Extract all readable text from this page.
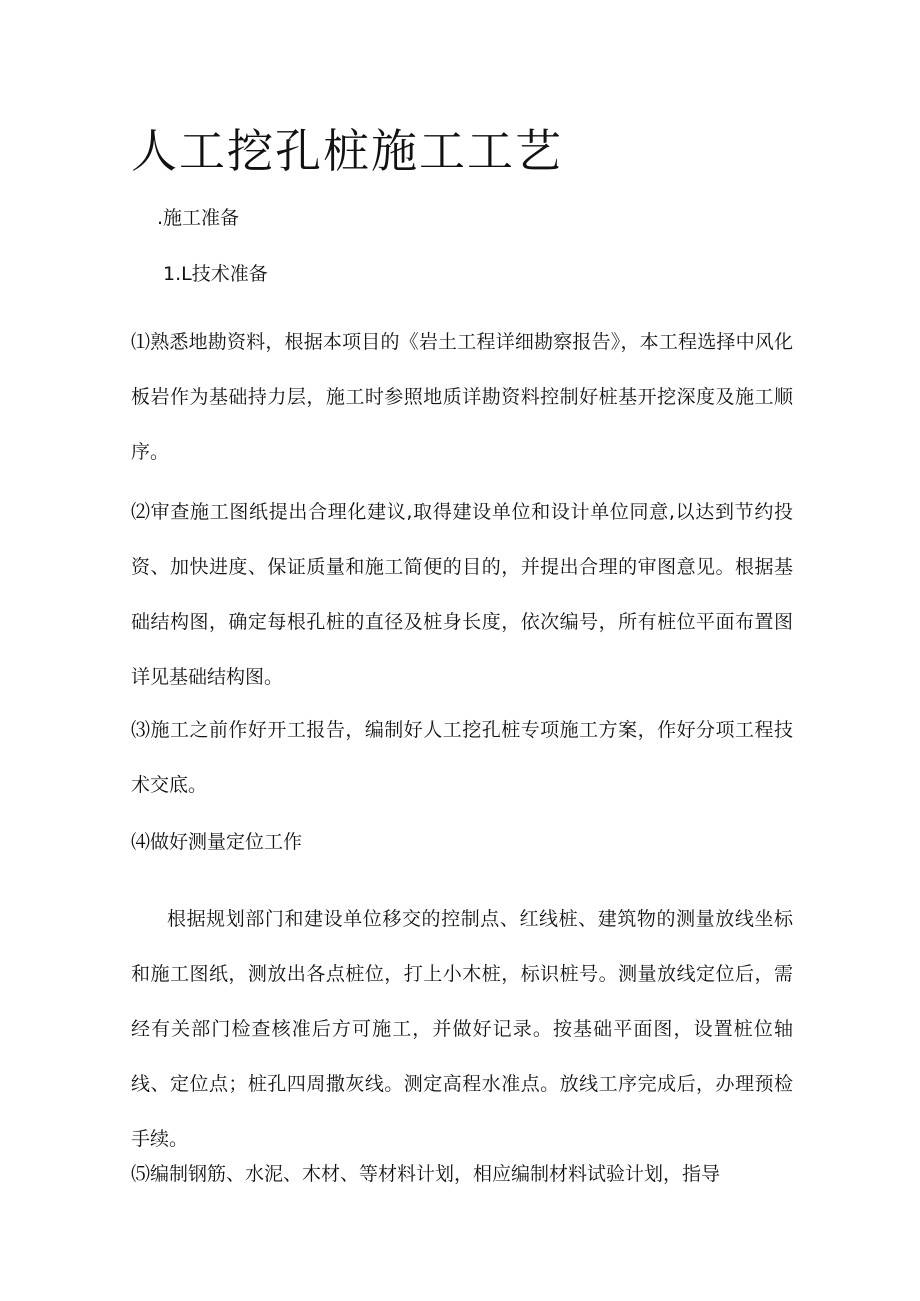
人工挖孔桩施工工艺

.施工准备

1.L技术准备

⑴熟悉地勘资料，根据本项目的《岩土工程详细勘察报告》，本工程选择中风化板岩作为基础持力层，施工时参照地质详勘资料控制好桩基开挖深度及施工顺序。

⑵审查施工图纸提出合理化建议,取得建设单位和设计单位同意,以达到节约投资、加快进度、保证质量和施工简便的目的，并提出合理的审图意见。根据基础结构图，确定每根孔桩的直径及桩身长度，依次编号，所有桩位平面布置图详见基础结构图。

⑶施工之前作好开工报告，编制好人工挖孔桩专项施工方案，作好分项工程技术交底。

⑷做好测量定位工作

根据规划部门和建设单位移交的控制点、红线桩、建筑物的测量放线坐标和施工图纸，测放出各点桩位，打上小木桩，标识桩号。测量放线定位后，需经有关部门检查核准后方可施工，并做好记录。按基础平面图，设置桩位轴线、定位点；桩孔四周撒灰线。测定高程水准点。放线工序完成后，办理预检手续。

⑸编制钢筋、水泥、木材、等材料计划，相应编制材料试验计划，指导
